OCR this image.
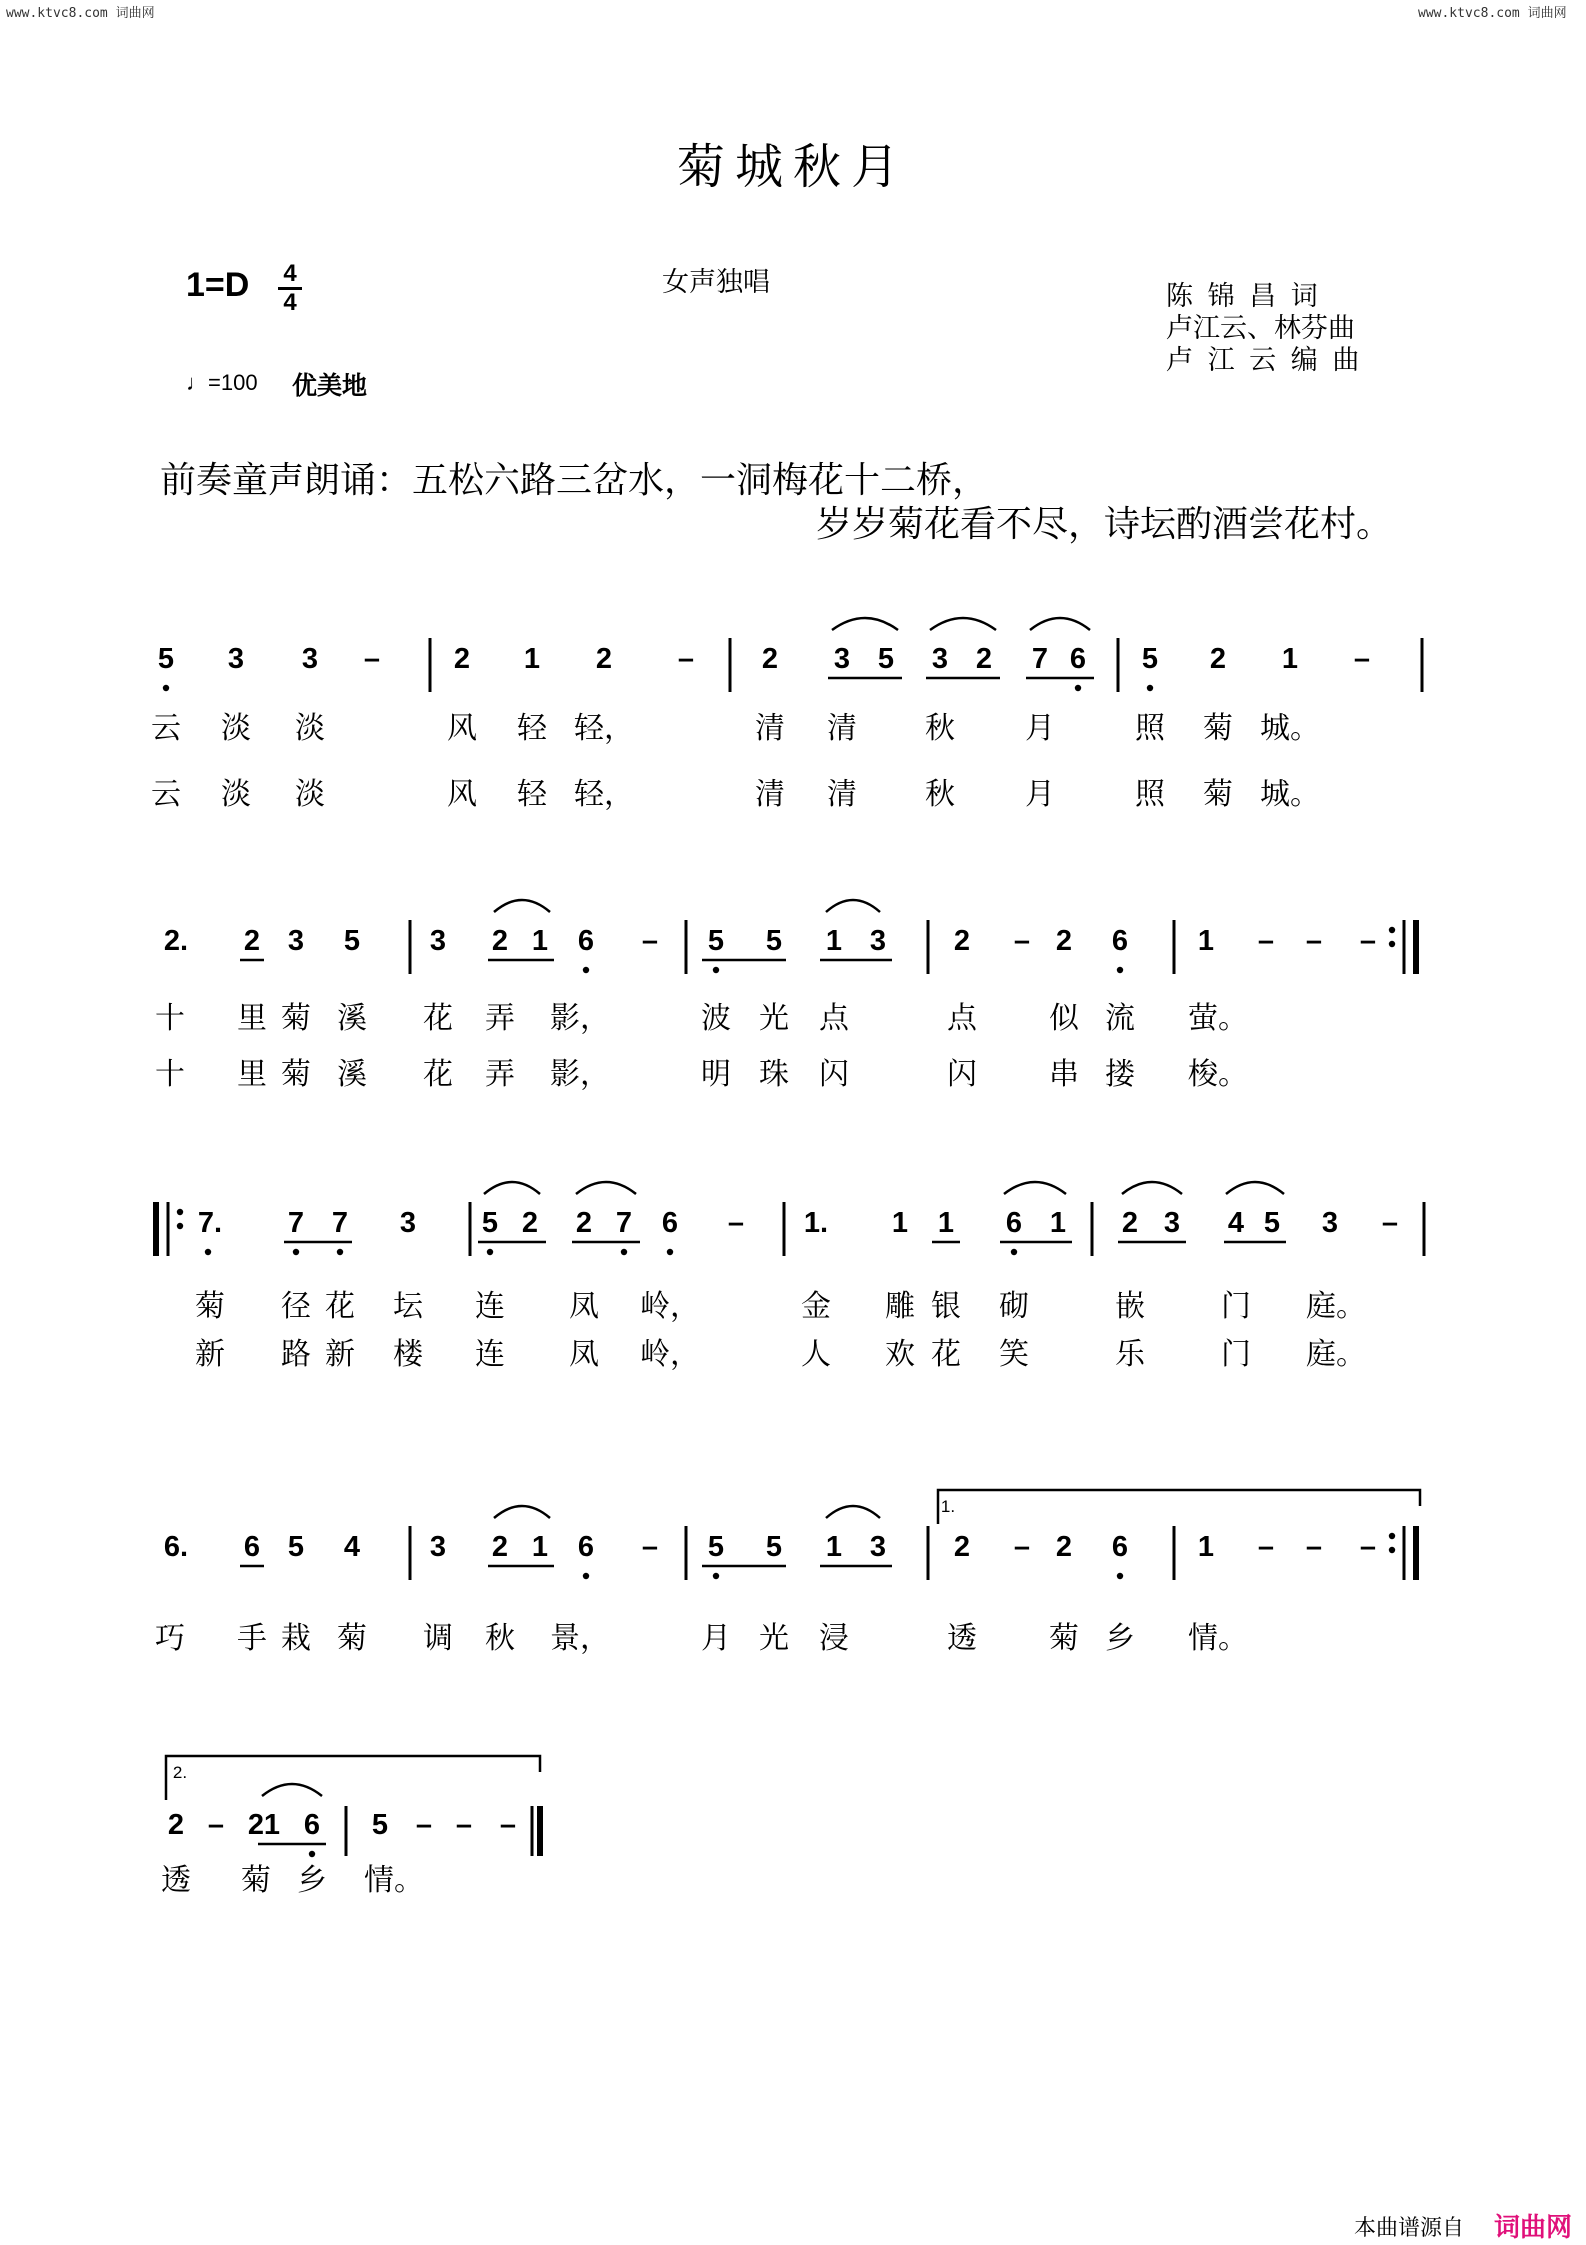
www.ktvc8.com 词曲网	www.ktvc8.com 词曲网
菊城秋月
1=D 4
4
女声独唱	陈 锦 昌 词
卢江云、林芬曲
卢 江 云 编 曲
♩=100 优美地
前奏童声朗诵：五松六路三岔水，一洞梅花十二桥，
岁岁菊花看不尽，诗坛酌酒尝花村。
5 3 3 –	2 1 2 – 2 3 5 3 2 7 6 5 2 1 –
2. 2 3 5 3 2 1 6 – 5 5 1 3 2 – 2 6 1 – – –
7. 7 7 3 5 2 2 7 6 – 1. 1 1 6 1 2 3 4 5 3 –
6. 6 5 4 3 2 1 6 – 5 5 1 3 2 – 2 6 1 – – –
2 – 2 1 6 5 – – –
1.
2.
云 淡 淡	风 轻 轻，	清 清 秋 月	照 菊 城。
云 淡 淡	风 轻 轻，	清 清 秋 月	照 菊 城。
十 里 菊 溪 花 弄 影，	波 光 点	点 似 流 萤。
十 里 菊 溪 花 弄 影，	明 珠 闪	闪 串 搂 梭。
菊 径 花 坛 连 凤 岭，	金 雕 银 砌	嵌	门 庭。
新 路 新 楼 连 凤 岭，	人 欢 花 笑	乐	门 庭。
巧 手 栽 菊 调 秋 景，	月 光 浸	透 菊 乡 情。
透 菊 乡 情。
本曲谱源自 词曲网
